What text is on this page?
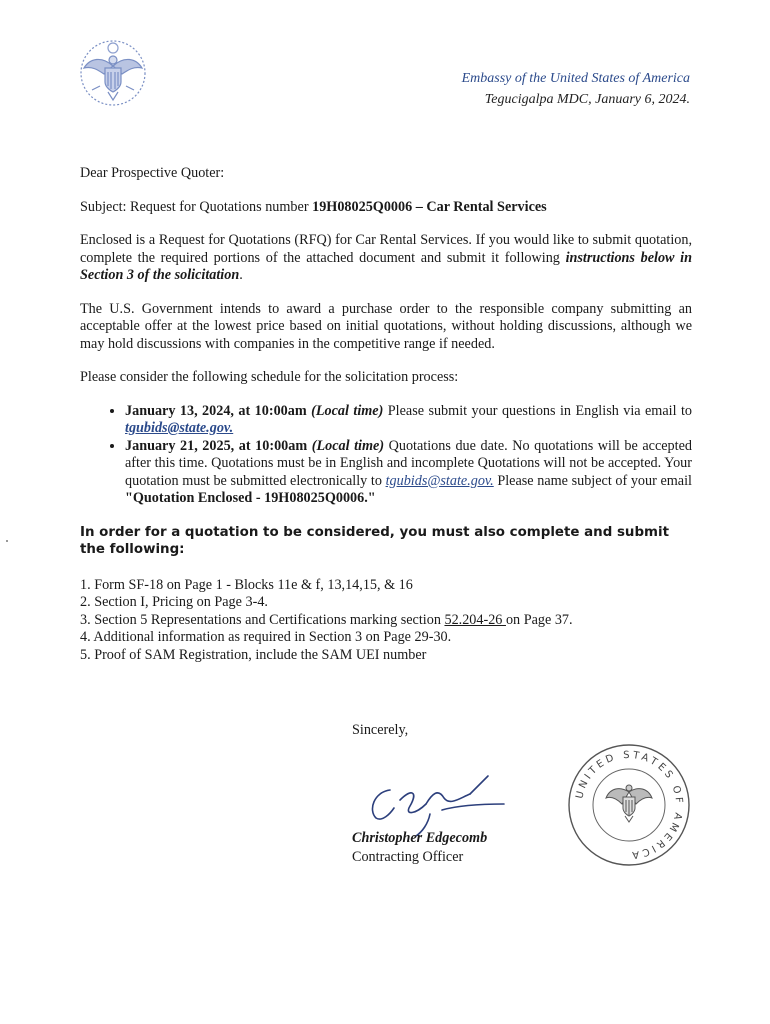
Embassy of the United States of America
Tegucigalpa MDC, January 6, 2024.

Dear Prospective Quoter:

Subject: Request for Quotations number 19H08025Q0006 – Car Rental Services

Enclosed is a Request for Quotations (RFQ) for Car Rental Services. If you would like to submit quotation, complete the required portions of the attached document and submit it following instructions below in Section 3 of the solicitation.

The U.S. Government intends to award a purchase order to the responsible company submitting an acceptable offer at the lowest price based on initial quotations, without holding discussions, although we may hold discussions with companies in the competitive range if needed.

Please consider the following schedule for the solicitation process:

• January 13, 2024, at 10:00am (Local time) Please submit your questions in English via email to tgubids@state.gov.
• January 21, 2025, at 10:00am (Local time) Quotations due date. No quotations will be accepted after this time. Quotations must be in English and incomplete Quotations will not be accepted. Your quotation must be submitted electronically to tgubids@state.gov. Please name subject of your email "Quotation Enclosed - 19H08025Q0006."

In order for a quotation to be considered, you must also complete and submit the following:

1. Form SF-18 on Page 1 - Blocks 11e & f, 13,14,15, & 16

2. Section I, Pricing on Page 3-4.

3. Section 5 Representations and Certifications marking section 52.204-26 on Page 37.

4. Additional information as required in Section 3 on Page 29-30.

5. Proof of SAM Registration, include the SAM UEI number

Sincerely,
Christopher Edgecomb
Contracting Officer
UNITED STATES OF AMERICA
